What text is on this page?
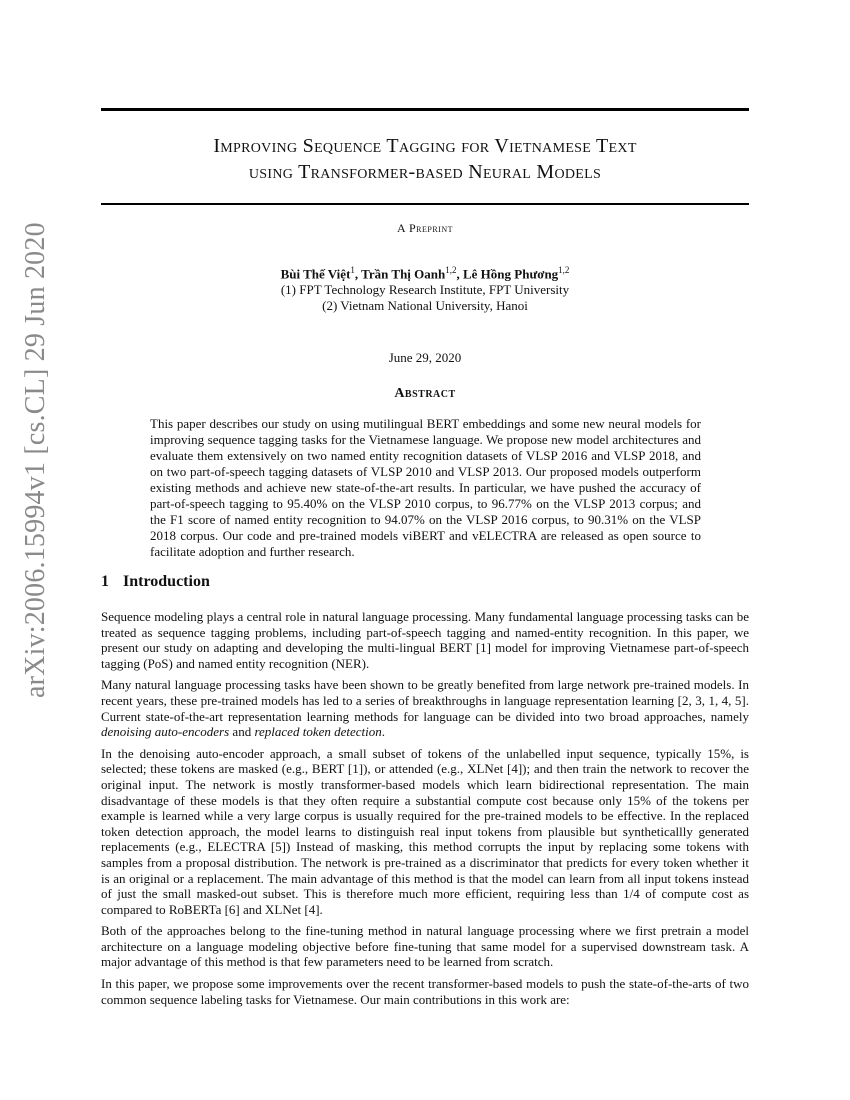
arXiv:2006.15994v1 [cs.CL] 29 Jun 2020
Improving Sequence Tagging for Vietnamese Text
using Transformer-based Neural Models
A Preprint
Bùi Thế Việt$^1$, Trần Thị Oanh$^{1,2}$, Lê Hồng Phương$^{1,2}$
(1) FPT Technology Research Institute, FPT University
(2) Vietnam National University, Hanoi
June 29, 2020
Abstract

This paper describes our study on using mutilingual BERT embeddings and some new neural models for improving sequence tagging tasks for the Vietnamese language. We propose new model architectures and evaluate them extensively on two named entity recognition datasets of VLSP 2016 and VLSP 2018, and on two part-of-speech tagging datasets of VLSP 2010 and VLSP 2013. Our proposed models outperform existing methods and achieve new state-of-the-art results. In particular, we have pushed the accuracy of part-of-speech tagging to 95.40% on the VLSP 2010 corpus, to 96.77% on the VLSP 2013 corpus; and the F1 score of named entity recognition to 94.07% on the VLSP 2016 corpus, to 90.31% on the VLSP 2018 corpus. Our code and pre-trained models viBERT and vELECTRA are released as open source to facilitate adoption and further research.

1 Introduction

Sequence modeling plays a central role in natural language processing. Many fundamental language processing tasks can be treated as sequence tagging problems, including part-of-speech tagging and named-entity recognition. In this paper, we present our study on adapting and developing the multi-lingual BERT [1] model for improving Vietnamese part-of-speech tagging (PoS) and named entity recognition (NER).

Many natural language processing tasks have been shown to be greatly benefited from large network pre-trained models. In recent years, these pre-trained models has led to a series of breakthroughs in language representation learning [2, 3, 1, 4, 5]. Current state-of-the-art representation learning methods for language can be divided into two broad approaches, namely denoising auto-encoders and replaced token detection.

In the denoising auto-encoder approach, a small subset of tokens of the unlabelled input sequence, typically 15%, is selected; these tokens are masked (e.g., BERT [1]), or attended (e.g., XLNet [4]); and then train the network to recover the original input. The network is mostly transformer-based models which learn bidirectional representation. The main disadvantage of these models is that they often require a substantial compute cost because only 15% of the tokens per example is learned while a very large corpus is usually required for the pre-trained models to be effective. In the replaced token detection approach, the model learns to distinguish real input tokens from plausible but syntheticallly generated replacements (e.g., ELECTRA [5]) Instead of masking, this method corrupts the input by replacing some tokens with samples from a proposal distribution. The network is pre-trained as a discriminator that predicts for every token whether it is an original or a replacement. The main advantage of this method is that the model can learn from all input tokens instead of just the small masked-out subset. This is therefore much more efficient, requiring less than 1/4 of compute cost as compared to RoBERTa [6] and XLNet [4].

Both of the approaches belong to the fine-tuning method in natural language processing where we first pretrain a model architecture on a language modeling objective before fine-tuning that same model for a supervised downstream task. A major advantage of this method is that few parameters need to be learned from scratch.

In this paper, we propose some improvements over the recent transformer-based models to push the state-of-the-arts of two common sequence labeling tasks for Vietnamese. Our main contributions in this work are:
